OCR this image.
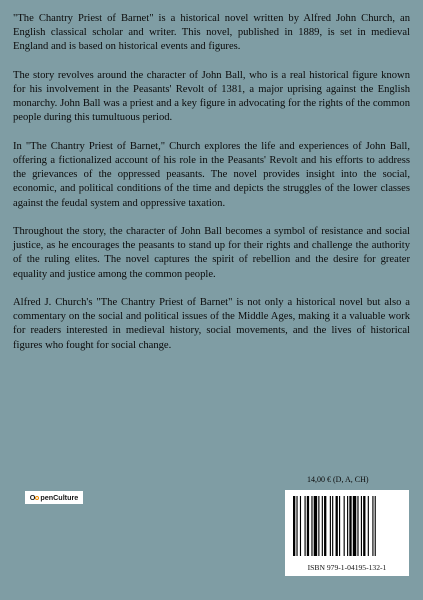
"The Chantry Priest of Barnet" is a historical novel written by Alfred John Church, an English classical scholar and writer. This novel, published in 1889, is set in medieval England and is based on historical events and figures.

The story revolves around the character of John Ball, who is a real historical figure known for his involvement in the Peasants' Revolt of 1381, a major uprising against the English monarchy. John Ball was a priest and a key figure in advocating for the rights of the common people during this tumultuous period.

In "The Chantry Priest of Barnet," Church explores the life and experiences of John Ball, offering a fictionalized account of his role in the Peasants' Revolt and his efforts to address the grievances of the oppressed peasants. The novel provides insight into the social, economic, and political conditions of the time and depicts the struggles of the lower classes against the feudal system and oppressive taxation.

Throughout the story, the character of John Ball becomes a symbol of resistance and social justice, as he encourages the peasants to stand up for their rights and challenge the authority of the ruling elites. The novel captures the spirit of rebellion and the desire for greater equality and justice among the common people.

Alfred J. Church's "The Chantry Priest of Barnet" is not only a historical novel but also a commentary on the social and political issues of the Middle Ages, making it a valuable work for readers interested in medieval history, social movements, and the lives of historical figures who fought for social change.

O pen Culture
14,00 € (D, A, CH)
ISBN 979-1-04195-132-1
